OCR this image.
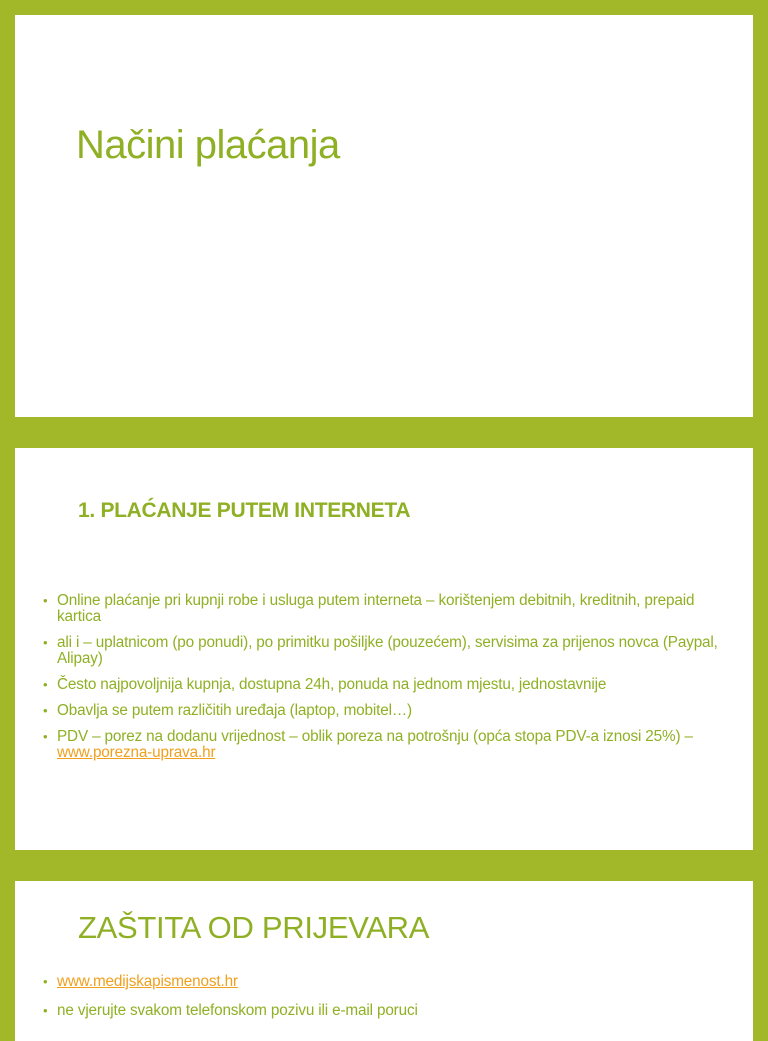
Načini plaćanja
1. PLAĆANJE PUTEM INTERNETA
• Online plaćanje pri kupnji robe i usluga putem interneta – korištenjem debitnih, kreditnih, prepaid kartica
• ali i – uplatnicom (po ponudi), po primitku pošiljke (pouzećem), servisima za prijenos novca (Paypal, Alipay)
• Često najpovoljnija kupnja, dostupna 24h, ponuda na jednom mjestu, jednostavnije
• Obavlja se putem različitih uređaja (laptop, mobitel…)
• PDV – porez na dodanu vrijednost – oblik poreza na potrošnju (opća stopa PDV-a iznosi 25%) – www.porezna-uprava.hr
ZAŠTITA OD PRIJEVARA
• www.medijskapismenost.hr
• ne vjerujte svakom telefonskom pozivu ili e-mail poruci
